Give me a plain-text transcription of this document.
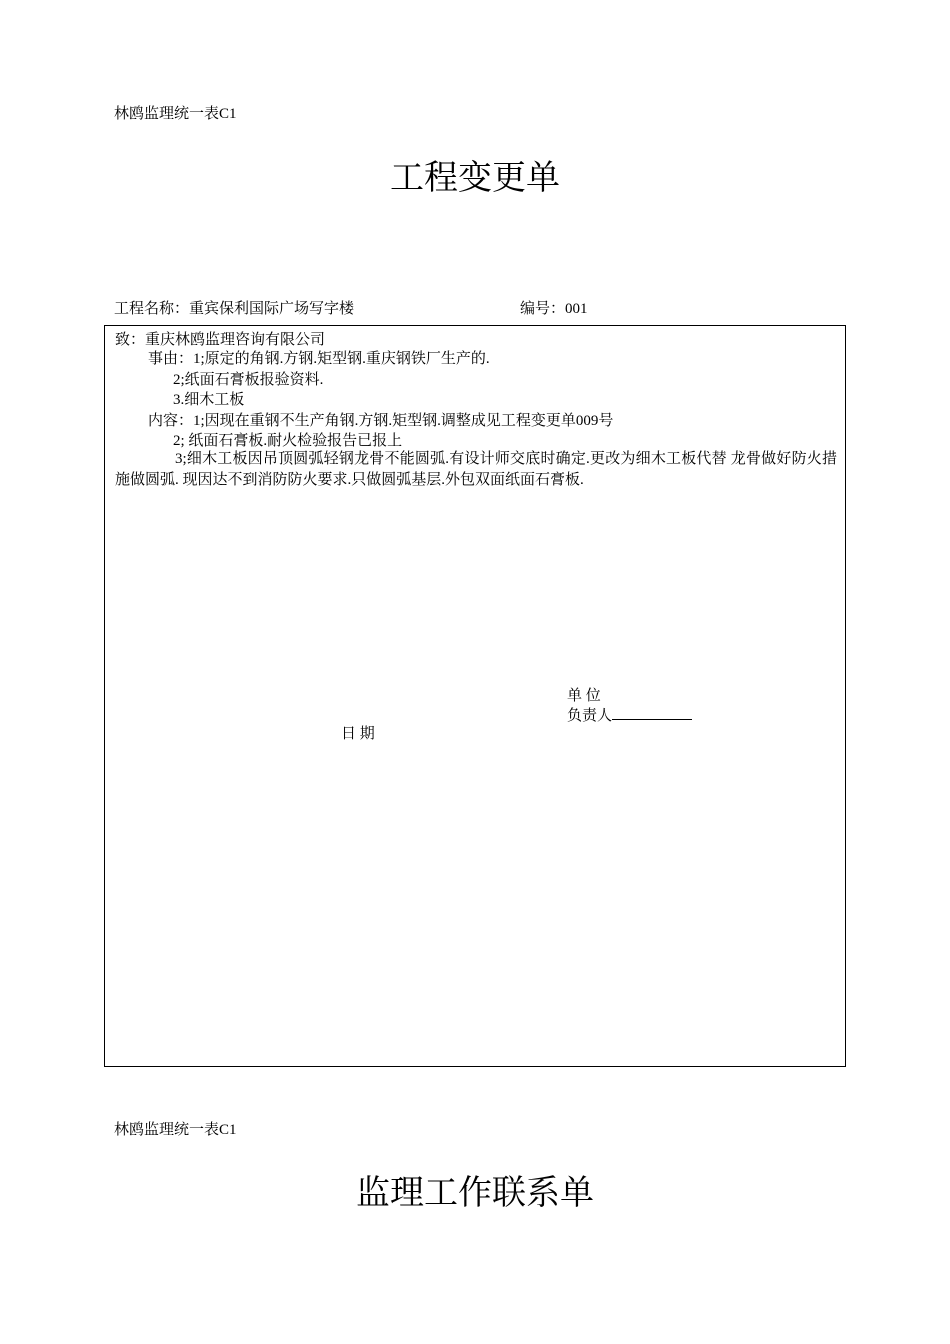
林鸥监理统一表C1
工程变更单
工程名称：重宾保利国际广场写字楼	编号：001
致：重庆林鸥监理咨询有限公司
事由：1;原定的角钢.方钢.矩型钢.重庆钢铁厂生产的.
2;纸面石膏板报验资料.
3.细木工板
内容：1;因现在重钢不生产角钢.方钢.矩型钢.调整成见工程变更单009号
2; 纸面石膏板.耐火检验报告已报上
3;细木工板因吊顶圆弧轻钢龙骨不能圆弧.有设计师交底时确定.更改为细木工板代替 龙骨做好防火措施做圆弧. 现因达不到消防防火要求.只做圆弧基层.外包双面纸面石膏板.
单 位
负责人
日 期
林鸥监理统一表C1
监理工作联系单
